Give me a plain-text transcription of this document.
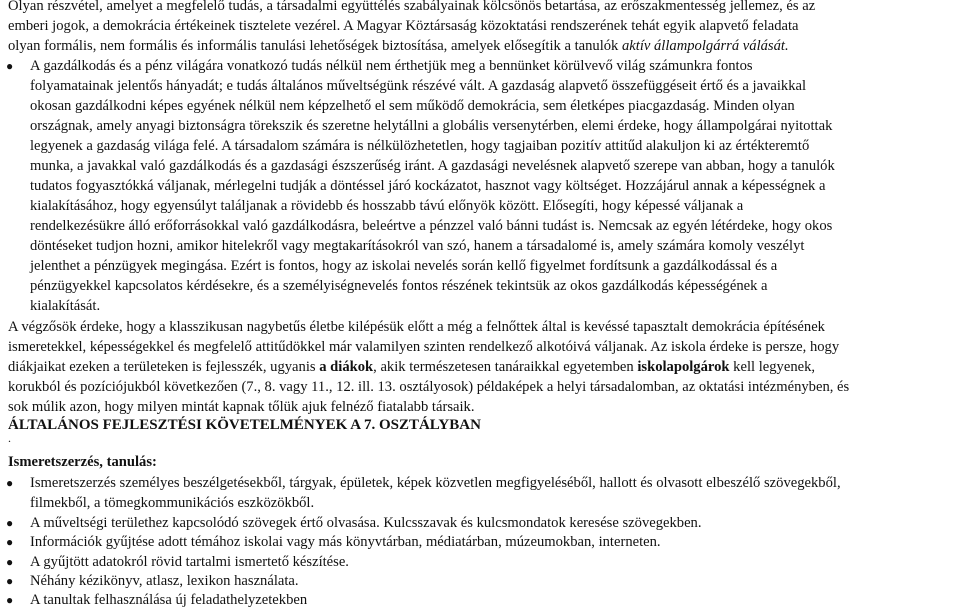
Olyan részvétel, amelyet a megfelelő tudás, a társadalmi együttélés szabályainak kölcsönös betartása, az erőszakmentesség jellemez, és az
emberi jogok, a demokrácia értékeinek tisztelete vezérel. A Magyar Köztársaság közoktatási rendszerének tehát egyik alapvető feladata
olyan formális, nem formális és informális tanulási lehetőségek biztosítása, amelyek elősegítik a tanulók aktív állampolgárrá válását.
● A gazdálkodás és a pénz világára vonatkozó tudás nélkül nem érthetjük meg a bennünket körülvevő világ számunkra fontos
folyamatainak jelentős hányadát; e tudás általános műveltségünk részévé vált. A gazdaság alapvető összefüggéseit értő és a javaikkal
okosan gazdálkodni képes egyének nélkül nem képzelhető el sem működő demokrácia, sem életképes piacgazdaság. Minden olyan
országnak, amely anyagi biztonságra törekszik és szeretne helytállni a globális versenytérben, elemi érdeke, hogy állampolgárai nyitottak
legyenek a gazdaság világa felé. A társadalom számára is nélkülözhetetlen, hogy tagjaiban pozitív attitűd alakuljon ki az értékteremtő
munka, a javakkal való gazdálkodás és a gazdasági észszerűség iránt. A gazdasági nevelésnek alapvető szerepe van abban, hogy a tanulók
tudatos fogyasztókká váljanak, mérlegelni tudják a döntéssel járó kockázatot, hasznot vagy költséget. Hozzájárul annak a képességnek a
kialakításához, hogy egyensúlyt találjanak a rövidebb és hosszabb távú előnyök között. Elősegíti, hogy képessé váljanak a
rendelkezésükre álló erőforrásokkal való gazdálkodásra, beleértve a pénzzel való bánni tudást is. Nemcsak az egyén létérdeke, hogy okos
döntéseket tudjon hozni, amikor hitelekről vagy megtakarításokról van szó, hanem a társadalomé is, amely számára komoly veszélyt
jelenthet a pénzügyek megingása. Ezért is fontos, hogy az iskolai nevelés során kellő figyelmet fordítsunk a gazdálkodással és a
pénzügyekkel kapcsolatos kérdésekre, és a személyiségnevelés fontos részének tekintsük az okos gazdálkodás képességének a
kialakítását.
A végzősök érdeke, hogy a klasszikusan nagybetűs életbe kilépésük előtt a még a felnőttek által is kevéssé tapasztalt demokrácia építésének
ismeretekkel, képességekkel és megfelelő attitűdökkel már valamilyen szinten rendelkező alkotóivá váljanak. Az iskola érdeke is persze, hogy
diákjaikat ezeken a területeken is fejlesszék, ugyanis a diákok, akik természetesen tanáraikkal egyetemben iskolapolgárok kell legyenek,
korukból és pozíciójukból következően (7., 8. vagy 11., 12. ill. 13. osztályosok) példaképek a helyi társadalomban, az oktatási intézményben, és
sok múlik azon, hogy milyen mintát kapnak tőlük ajuk felnéző fiatalabb társaik.
ÁLTALÁNOS FEJLESZTÉSI KÖVETELMÉNYEK A 7. OSZTÁLYBAN
.
Ismeretszerzés, tanulás:
● Ismeretszerzés személyes beszélgetésekből, tárgyak, épületek, képek közvetlen megfigyeléséből, hallott és olvasott elbeszélő szövegekből,
filmekből, a tömegkommunikációs eszközökből.
● A műveltségi területhez kapcsolódó szövegek értő olvasása. Kulcsszavak és kulcsmondatok keresése szövegekben.
● Információk gyűjtése adott témához iskolai vagy más könyvtárban, médiatárban, múzeumokban, interneten.
● A gyűjtött adatokról rövid tartalmi ismertető készítése.
● Néhány kézikönyv, atlasz, lexikon használata.
● A tanultak felhasználása új feladathelyzetekben
